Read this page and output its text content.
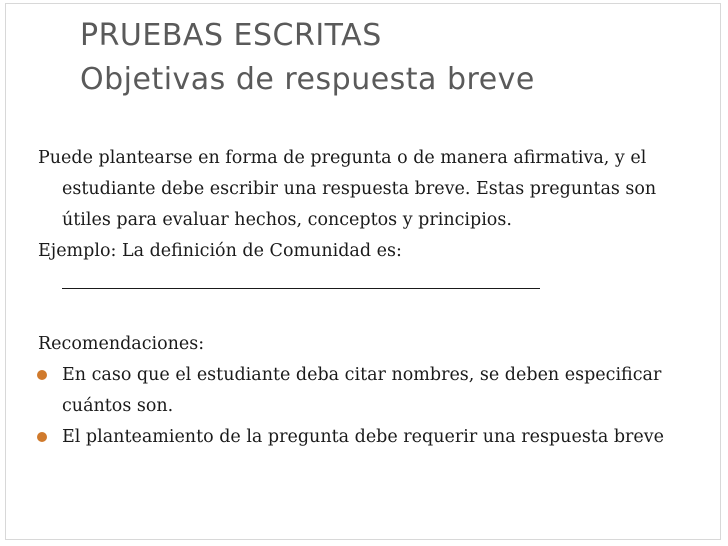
PRUEBAS ESCRITAS
Objetivas de respuesta breve
Puede plantearse en forma de pregunta o de manera afirmativa, y el estudiante debe escribir una respuesta breve. Estas preguntas son útiles para evaluar hechos, conceptos y principios.
Ejemplo: La definición de Comunidad es:
Recomendaciones:
En caso que el estudiante deba citar nombres, se deben especificar cuántos son.
El planteamiento de la pregunta debe requerir una respuesta breve
